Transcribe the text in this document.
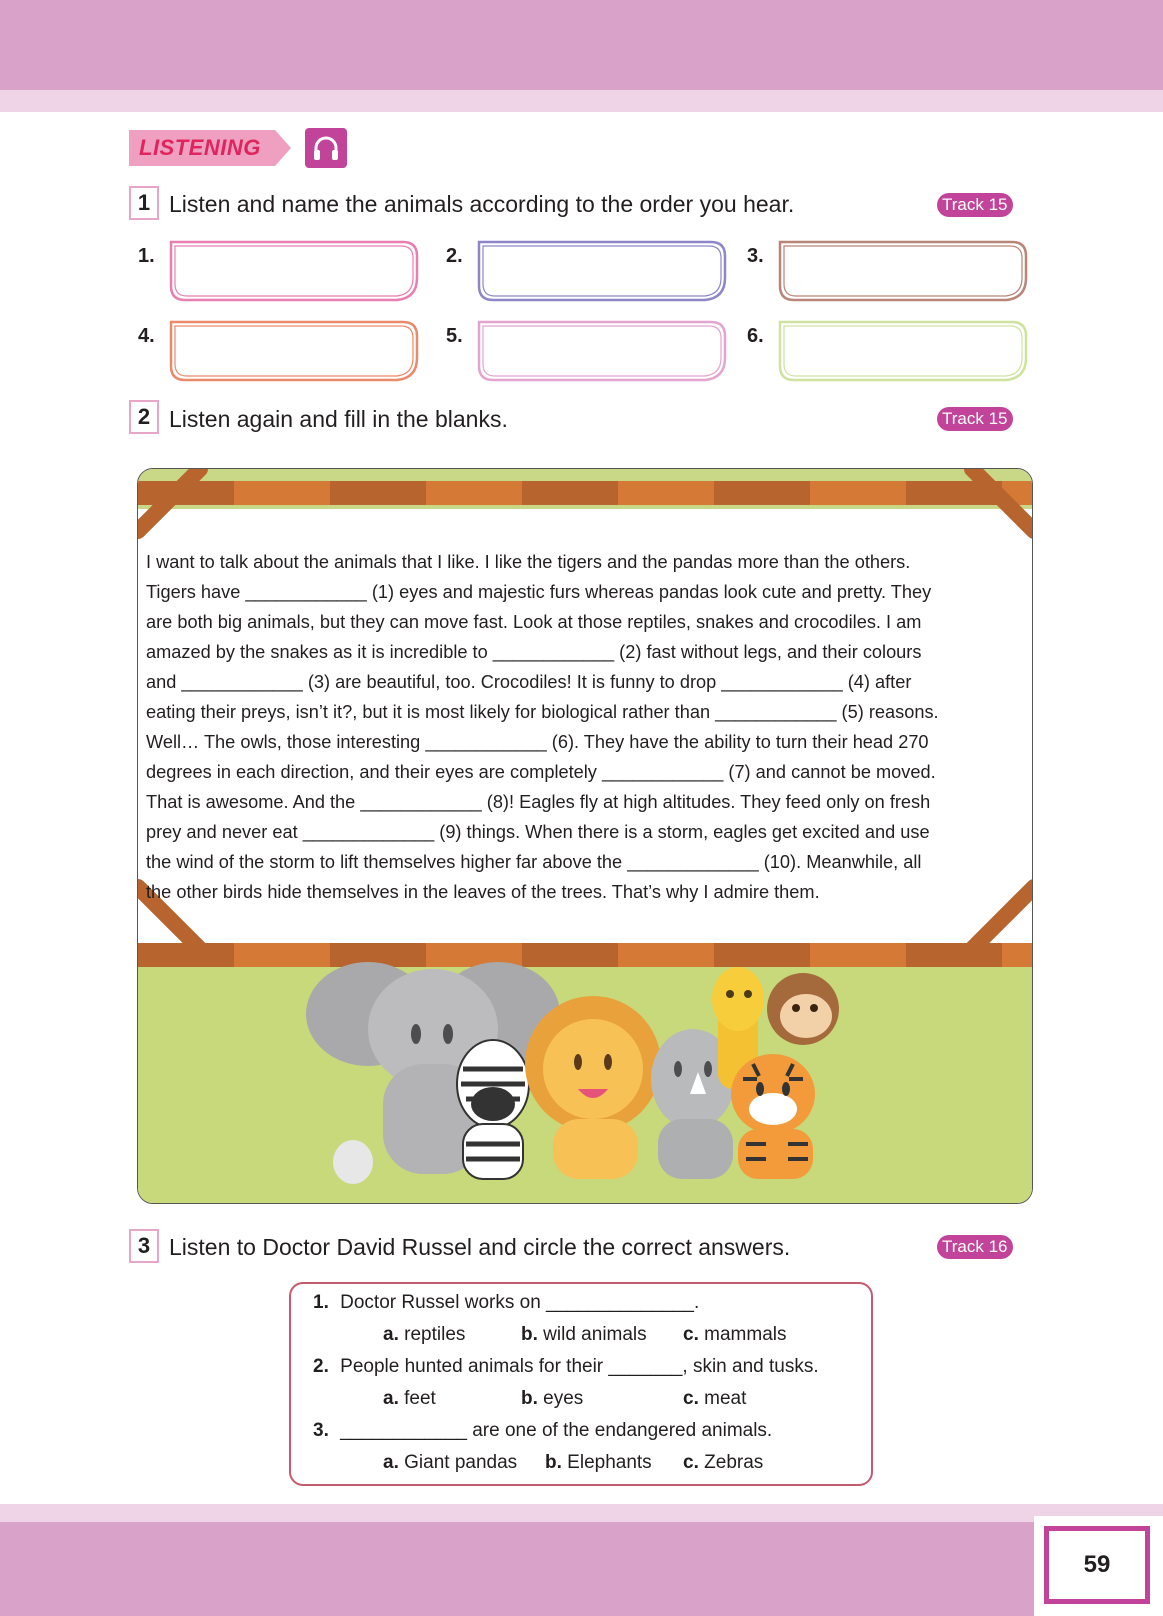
LISTENING
1 Listen and name the animals according to the order you hear.	Track 15
1.	2.	3.
4.	5.	6.
2 Listen again and fill in the blanks.	Track 15

I want to talk about the animals that I like. I like the tigers and the pandas more than the others.

Tigers have ____________ (1) eyes and majestic furs whereas pandas look cute and pretty. They

are both big animals, but they can move fast. Look at those reptiles, snakes and crocodiles. I am

amazed by the snakes as it is incredible to ____________ (2) fast without legs, and their colours

and ____________ (3) are beautiful, too. Crocodiles! It is funny to drop ____________ (4) after

eating their preys, isn’t it?, but it is most likely for biological rather than ____________ (5) reasons.

Well… The owls, those interesting ____________ (6). They have the ability to turn their head 270

degrees in each direction, and their eyes are completely ____________ (7) and cannot be moved.

That is awesome. And the ____________ (8)! Eagles fly at high altitudes. They feed only on fresh

prey and never eat _____________ (9) things. When there is a storm, eagles get excited and use

the wind of the storm to lift themselves higher far above the _____________ (10). Meanwhile, all

the other birds hide themselves in the leaves of the trees. That’s why I admire them.

3 Listen to Doctor David Russel and circle the correct answers.	Track 16
1. Doctor Russel works on ______________.
a. reptiles	b. wild animals c. mammals
2. People hunted animals for their _______, skin and tusks.
a. feet	b. eyes	c. meat
3. ____________ are one of the endangered animals.
a. Giant pandas b. Elephants c. Zebras
59
